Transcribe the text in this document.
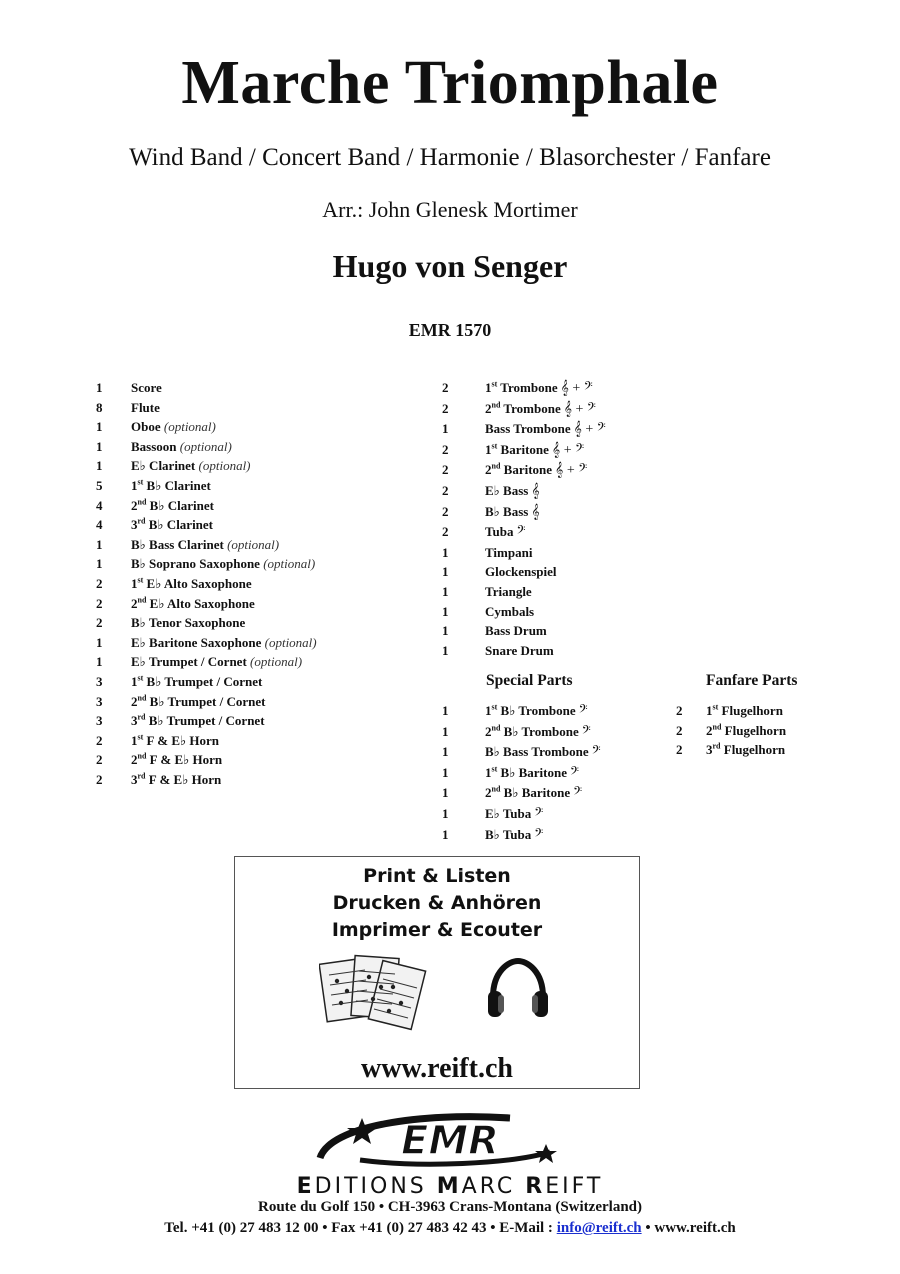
Marche Triomphale
Wind Band / Concert Band / Harmonie / Blasorchester / Fanfare
Arr.: John Glenesk Mortimer
Hugo von Senger
EMR 1570
1	Score
8	Flute
1	Oboe (optional)
1	Bassoon (optional)
1	E♭ Clarinet (optional)
5	1st B♭ Clarinet
4	2nd B♭ Clarinet
4	3rd B♭ Clarinet
1	B♭ Bass Clarinet (optional)
1	B♭ Soprano Saxophone (optional)
2	1st E♭ Alto Saxophone
2	2nd E♭ Alto Saxophone
2	B♭ Tenor Saxophone
1	E♭ Baritone Saxophone (optional)
1	E♭ Trumpet / Cornet (optional)
3	1st B♭ Trumpet / Cornet
3	2nd B♭ Trumpet / Cornet
3	3rd B♭ Trumpet / Cornet
2	1st F & E♭ Horn
2	2nd F & E♭ Horn
2	3rd F & E♭ Horn
2	1st Trombone 𝄞 + 𝄢
2	2nd Trombone 𝄞 + 𝄢
1	Bass Trombone 𝄞 + 𝄢
2	1st Baritone 𝄞 + 𝄢
2	2nd Baritone 𝄞 + 𝄢
2	E♭ Bass 𝄞
2	B♭ Bass 𝄞
2	Tuba 𝄢
1	Timpani
1	Glockenspiel
1	Triangle
1	Cymbals
1	Bass Drum
1	Snare Drum
Special Parts
1	1st B♭ Trombone 𝄢
1	2nd B♭ Trombone 𝄢
1	B♭ Bass Trombone 𝄢
1	1st B♭ Baritone 𝄢
1	2nd B♭ Baritone 𝄢
1	E♭ Tuba 𝄢
1	B♭ Tuba 𝄢
Fanfare Parts
2	1st Flugelhorn
2	2nd Flugelhorn
2	3rd Flugelhorn
Print & Listen
Drucken & Anhören
Imprimer & Ecouter
www.reift.ch
EMR
EDITIONS MARC REIFT
Route du Golf 150 • CH-3963 Crans-Montana (Switzerland)
Tel. +41 (0) 27 483 12 00 • Fax +41 (0) 27 483 42 43 • E-Mail : info@reift.ch • www.reift.ch
